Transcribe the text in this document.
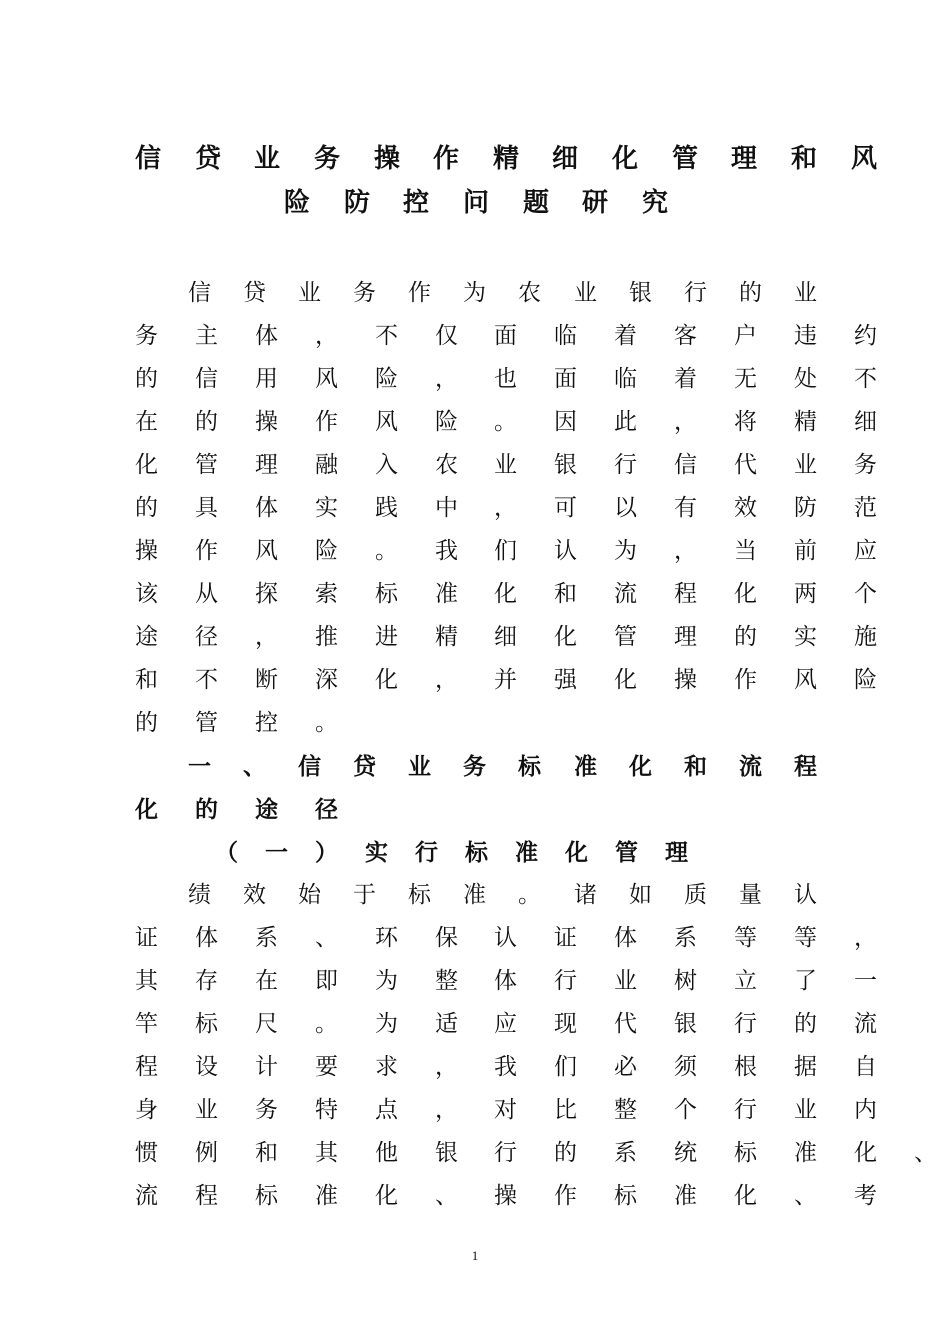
信 贷 业 务 操 作 精 细 化 管 理 和 风
险 防 控 问 题 研 究
信 贷 业 务 作 为 农 业 银 行 的 业
务 主 体 ， 不 仅 面 临 着 客 户 违 约
的 信 用 风 险 ， 也 面 临 着 无 处 不
在 的 操 作 风 险 。 因 此 ， 将 精 细
化 管 理 融 入 农 业 银 行 信 代 业 务
的 具 体 实 践 中 ， 可 以 有 效 防 范
操 作 风 险 。 我 们 认 为 ， 当 前 应
该 从 探 索 标 准 化 和 流 程 化 两 个
途 径 ， 推 进 精 细 化 管 理 的 实 施
和 不 断 深 化 ， 并 强 化 操 作 风 险
的 管 控 。
一 、 信 贷 业 务 标 准 化 和 流 程
化 的 途 径
（ 一 ） 实 行 标 准 化 管 理
绩 效 始 于 标 准 。 诸 如 质 量 认
证 体 系 、 环 保 认 证 体 系 等 等 ，
其 存 在 即 为 整 体 行 业 树 立 了 一
竿 标 尺 。 为 适 应 现 代 银 行 的 流
程 设 计 要 求 ， 我 们 必 须 根 据 自
身 业 务 特 点 ， 对 比 整 个 行 业 内
惯 例 和 其 他 银 行 的 系 统 标 准 化 、
流 程 标 准 化 、 操 作 标 准 化 、 考
1
